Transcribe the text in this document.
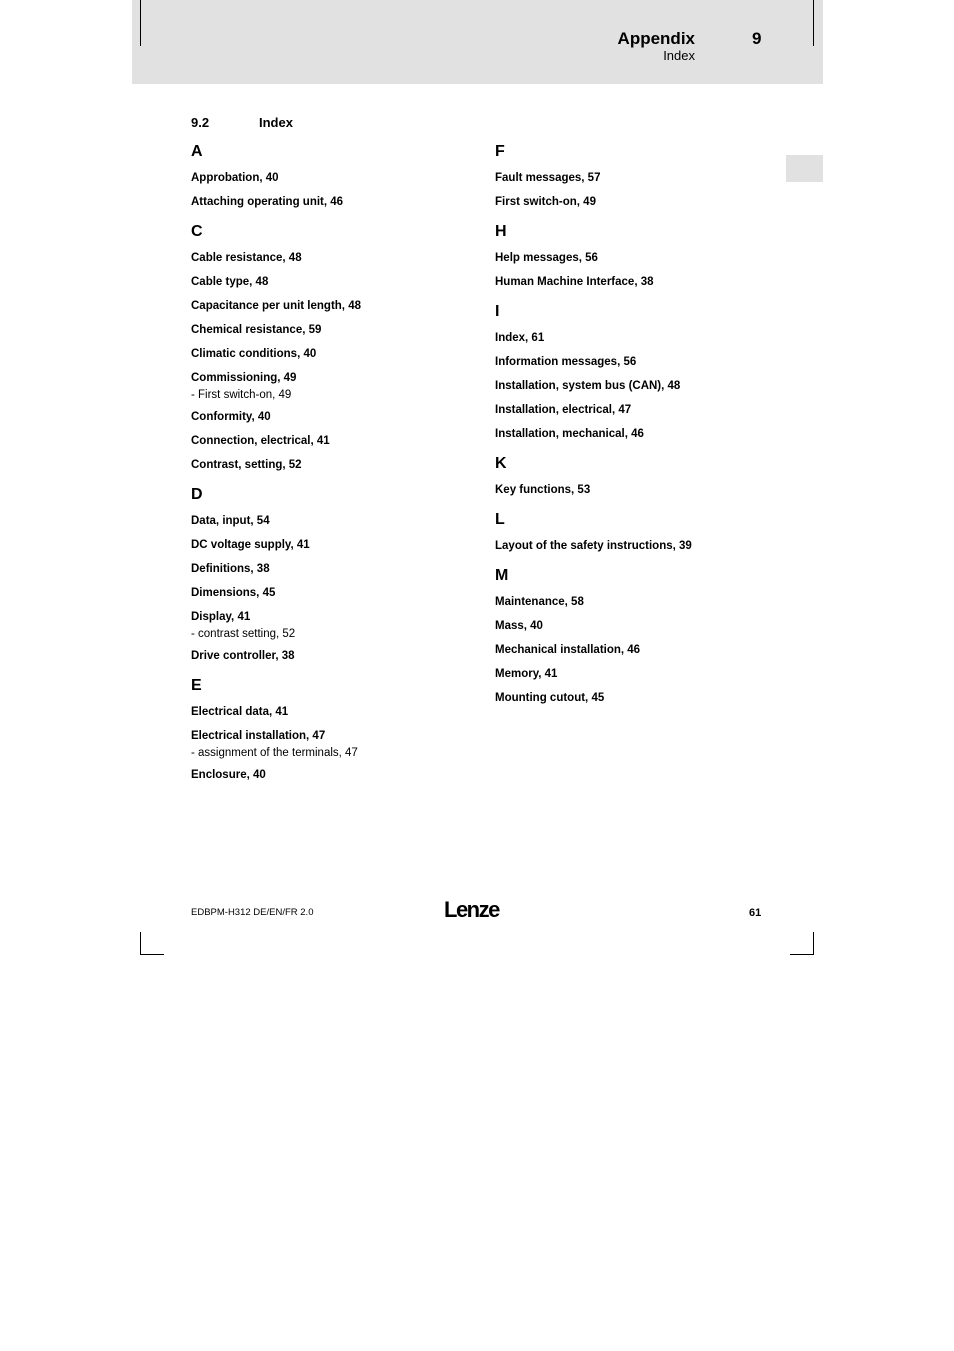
Appendix	9
Index
9.2	Index
A
Approbation, 40
Attaching operating unit, 46
C
Cable resistance, 48
Cable type, 48
Capacitance per unit length, 48
Chemical resistance, 59
Climatic conditions, 40
Commissioning, 49
- First switch-on, 49
Conformity, 40
Connection, electrical, 41
Contrast, setting, 52
D
Data, input, 54
DC voltage supply, 41
Definitions, 38
Dimensions, 45
Display, 41
- contrast setting, 52
Drive controller, 38
E
Electrical data, 41
Electrical installation, 47
- assignment of the terminals, 47
Enclosure, 40
F
Fault messages, 57
First switch-on, 49
H
Help messages, 56
Human Machine Interface, 38
I
Index, 61
Information messages, 56
Installation, system bus (CAN), 48
Installation, electrical, 47
Installation, mechanical, 46
K
Key functions, 53
L
Layout of the safety instructions, 39
M
Maintenance, 58
Mass, 40
Mechanical installation, 46
Memory, 41
Mounting cutout, 45
EDBPM-H312 DE/EN/FR 2.0	61
Lenze
